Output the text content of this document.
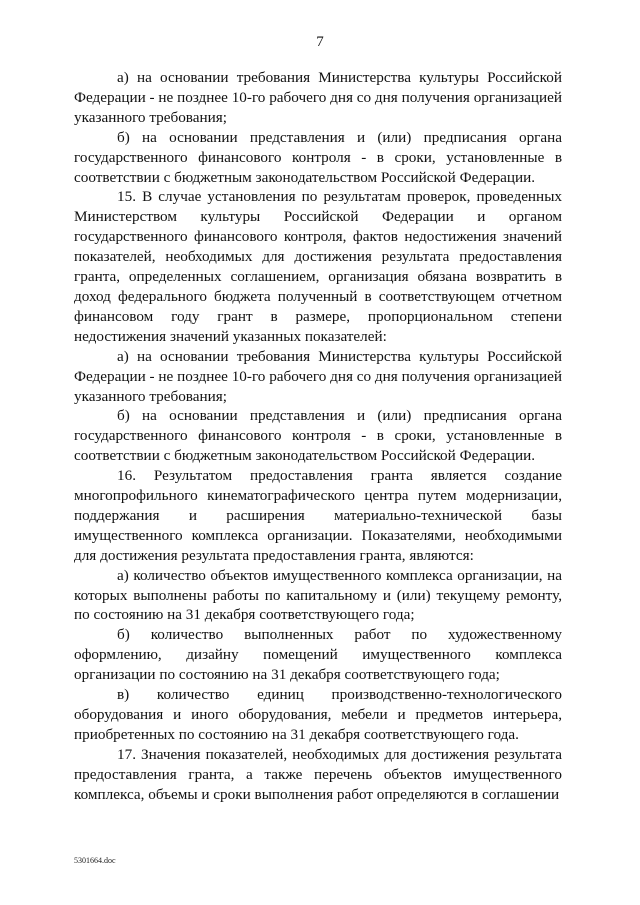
7

а) на основании требования Министерства культуры Российской Федерации - не позднее 10-го рабочего дня со дня получения организацией указанного требования;

б) на основании представления и (или) предписания органа государственного финансового контроля - в сроки, установленные в соответствии с бюджетным законодательством Российской Федерации.

15. В случае установления по результатам проверок, проведенных Министерством культуры Российской Федерации и органом государственного финансового контроля, фактов недостижения значений показателей, необходимых для достижения результата предоставления гранта, определенных соглашением, организация обязана возвратить в доход федерального бюджета полученный в соответствующем отчетном финансовом году грант в размере, пропорциональном степени недостижения значений указанных показателей:

а) на основании требования Министерства культуры Российской Федерации - не позднее 10-го рабочего дня со дня получения организацией указанного требования;

б) на основании представления и (или) предписания органа государственного финансового контроля - в сроки, установленные в соответствии с бюджетным законодательством Российской Федерации.

16. Результатом предоставления гранта является создание многопрофильного кинематографического центра путем модернизации, поддержания и расширения материально-технической базы имущественного комплекса организации. Показателями, необходимыми для достижения результата предоставления гранта, являются:

а) количество объектов имущественного комплекса организации, на которых выполнены работы по капитальному и (или) текущему ремонту, по состоянию на 31 декабря соответствующего года;

б) количество выполненных работ по художественному оформлению, дизайну помещений имущественного комплекса организации по состоянию на 31 декабря соответствующего года;

в) количество единиц производственно-технологического оборудования и иного оборудования, мебели и предметов интерьера, приобретенных по состоянию на 31 декабря соответствующего года.

17. Значения показателей, необходимых для достижения результата предоставления гранта, а также перечень объектов имущественного комплекса, объемы и сроки выполнения работ определяются в соглашении

5301664.doc
